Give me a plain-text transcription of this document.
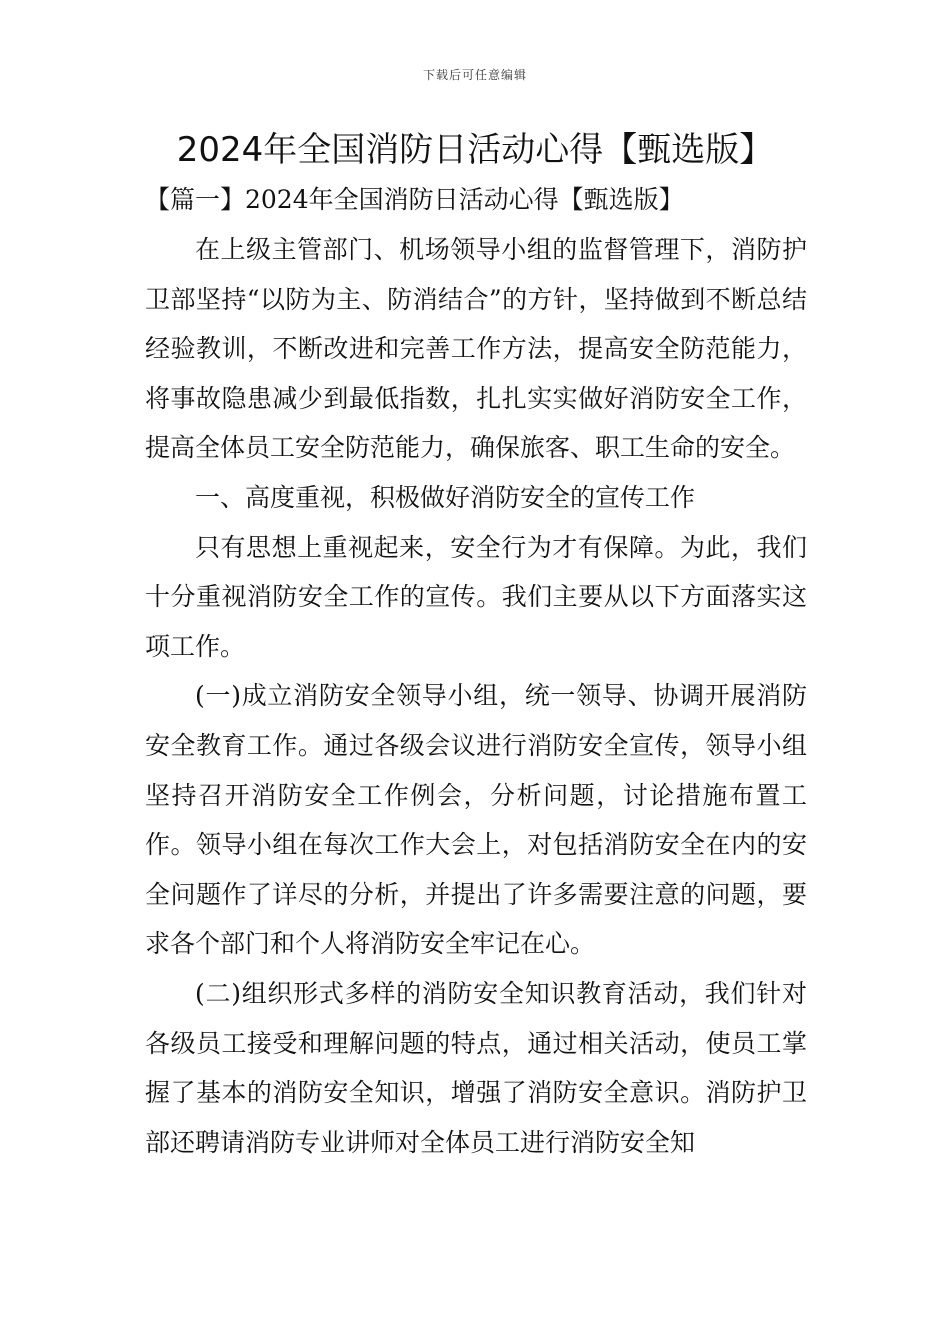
下载后可任意编辑
2024年全国消防日活动心得【甄选版】
【篇一】2024年全国消防日活动心得【甄选版】

在上级主管部门、机场领导小组的监督管理下，消防护卫部坚持“以防为主、防消结合”的方针，坚持做到不断总结经验教训，不断改进和完善工作方法，提高安全防范能力，将事故隐患减少到最低指数，扎扎实实做好消防安全工作，提高全体员工安全防范能力，确保旅客、职工生命的安全。

一、高度重视，积极做好消防安全的宣传工作

只有思想上重视起来，安全行为才有保障。为此，我们十分重视消防安全工作的宣传。我们主要从以下方面落实这项工作。

(一)成立消防安全领导小组，统一领导、协调开展消防安全教育工作。通过各级会议进行消防安全宣传，领导小组坚持召开消防安全工作例会，分析问题，讨论措施布置工作。领导小组在每次工作大会上，对包括消防安全在内的安全问题作了详尽的分析，并提出了许多需要注意的问题，要求各个部门和个人将消防安全牢记在心。

(二)组织形式多样的消防安全知识教育活动，我们针对各级员工接受和理解问题的特点，通过相关活动，使员工掌握了基本的消防安全知识，增强了消防安全意识。消防护卫部还聘请消防专业讲师对全体员工进行消防安全知
